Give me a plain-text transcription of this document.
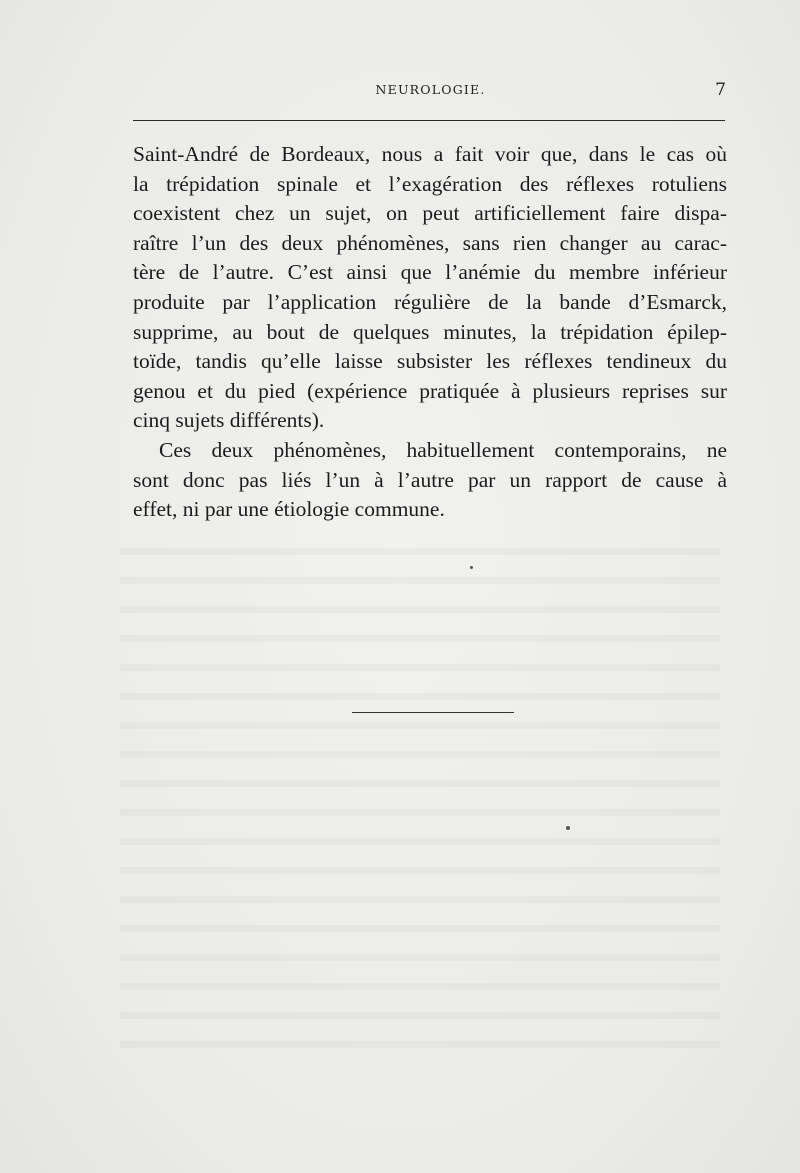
NEUROLOGIE.	7
Saint-André de Bordeaux, nous a fait voir que, dans le cas où
la trépidation spinale et l’exagération des réflexes rotuliens
coexistent chez un sujet, on peut artificiellement faire dispa-
raître l’un des deux phénomènes, sans rien changer au carac-
tère de l’autre. C’est ainsi que l’anémie du membre inférieur
produite par l’application régulière de la bande d’Esmarck,
supprime, au bout de quelques minutes, la trépidation épilep-
toïde, tandis qu’elle laisse subsister les réflexes tendineux du
genou et du pied (expérience pratiquée à plusieurs reprises sur
cinq sujets différents).
Ces deux phénomènes, habituellement contemporains, ne
sont donc pas liés l’un à l’autre par un rapport de cause à
effet, ni par une étiologie commune.
